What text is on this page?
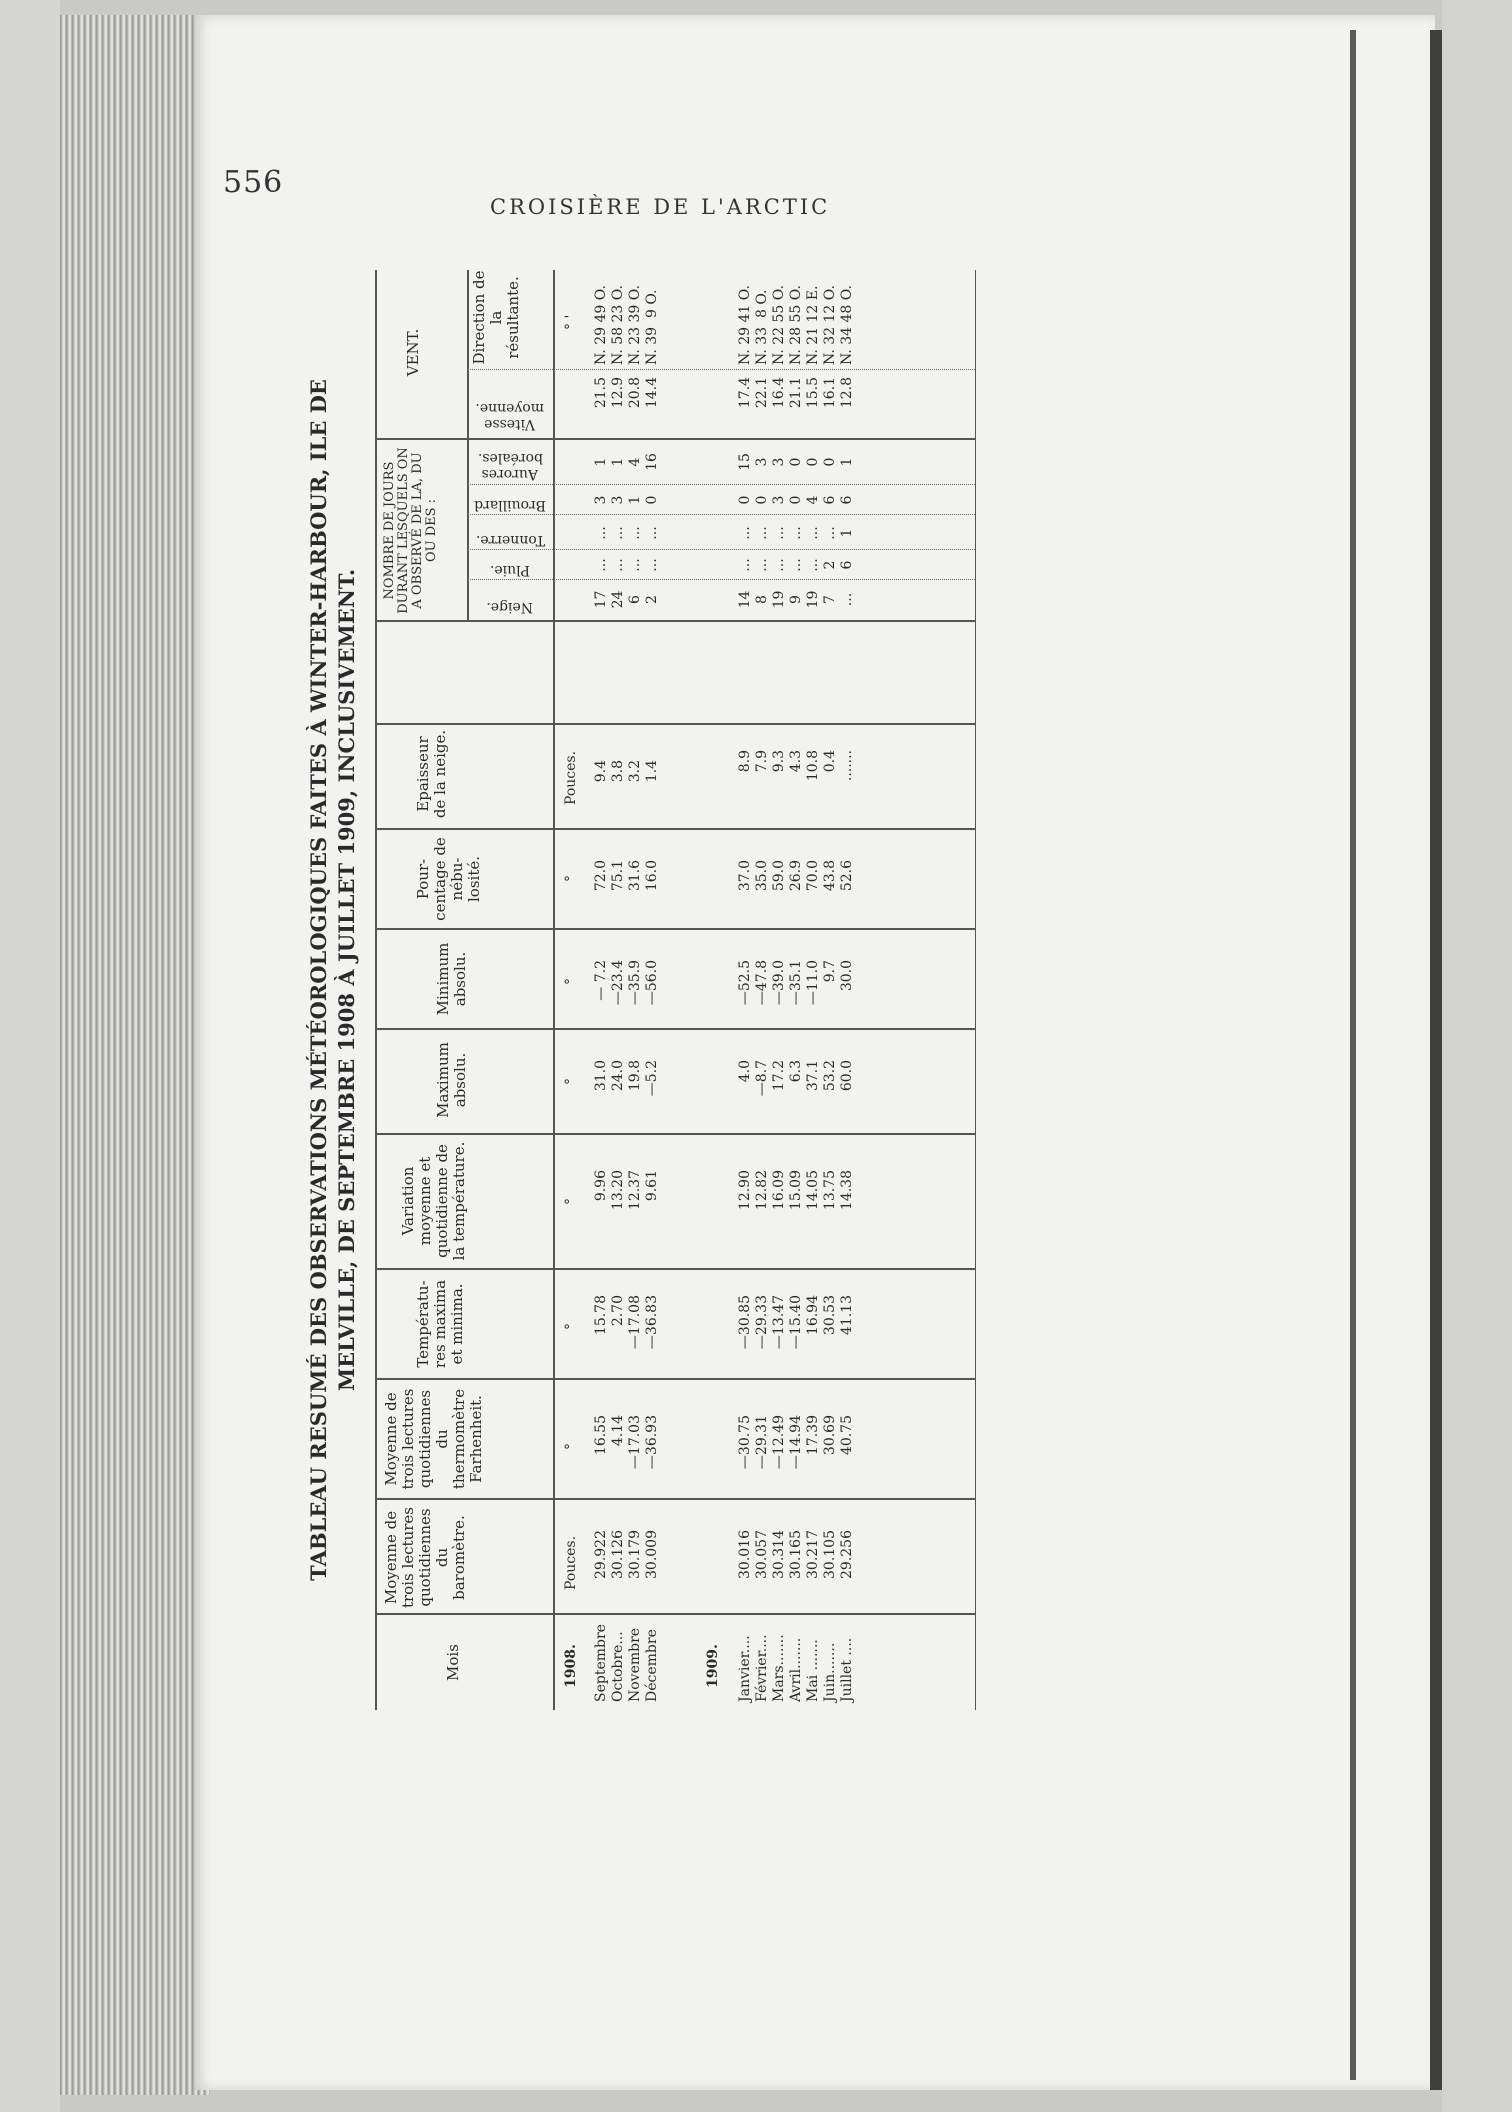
556
CROISIÈRE DE L'ARCTIC
TABLEAU RESUMÉ DES OBSERVATIONS MÉTÉOROLOGIQUES FAITES À WINTER-HARBOUR, ILE DE MELVILLE, DE SEPTEMBRE 1908 À JUILLET 1909, INCLUSIVEMENT.
Mois
Moyenne de trois lectures quotidiennes du baromètre.
Moyenne de trois lectures quotidiennes du thermomètre Farhenheit.
Températu- res maxima et minima.
Variation moyenne et quotidienne de la température.
Maximum absolu.
Minimum absolu.
Pour- centage de nébu- losité.
Epaisseur de la neige.
NOMBRE DE JOURS DURANT LESQUELS ON A OBSERVÉ DE LA, DU OU DES :
VENT.
Neige.
Pluie.
Tonnerre.
Brouillard
Aurores boréales.
Vitesse moyenne.
Direction de la résultante.
Pouces.
°
°
°
°
°
°
Pouces.
° '
1908.	1909.
Septembre
Octobre...
Novembre
Décembre
29.922
30.126
30.179
30.009
16.55
4.14
—17.03
—36.93
15.78
2.70
—17.08
—36.83
9.96
13.20
12.37
9.61
31.0
24.0
19.8
—5.2
— 7.2
—23.4
—35.9
—56.0
72.0
75.1
31.6
16.0
9.4
3.8
3.2
1.4
17
24
6
2
...
...
...
...
...
...
...
...
3
3
1
0
1
1
4
16
21.5
12.9
20.8
14.4
N. 29 49 O.
N. 58 23 O.
N. 23 39 O.
N. 39  9 O.
Janvier....
Février....
Mars.......
Avril.......
Mai .......
Juin.......
Juillet ....
30.016
30.057
30.314
30.165
30.217
30.105
29.256
—30.75
—29.31
—12.49
—14.94
17.39
30.69
40.75
—30.85
—29.33
—13.47
—15.40
16.94
30.53
41.13
12.90
12.82
16.09
15.09
14.05
13.75
14.38
4.0
—8.7
17.2
6.3
37.1
53.2
60.0
—52.5
—47.8
—39.0
—35.1
—11.0
9.7
30.0
37.0
35.0
59.0
26.9
70.0
43.8
52.6
8.9
7.9
9.3
4.3
10.8
0.4
.......
14
8
19
9
19
7
...
...
...
...
...
...
2
6
...
...
...
...
...
...
1
0
0
3
0
4
6
6
15
3
3
0
0
0
1
17.4
22.1
16.4
21.1
15.5
16.1
12.8
N. 29 41 O.
N. 33  8 O.
N. 22 55 O.
N. 28 55 O.
N. 21 12 E.
N. 32 12 O.
N. 34 48 O.
